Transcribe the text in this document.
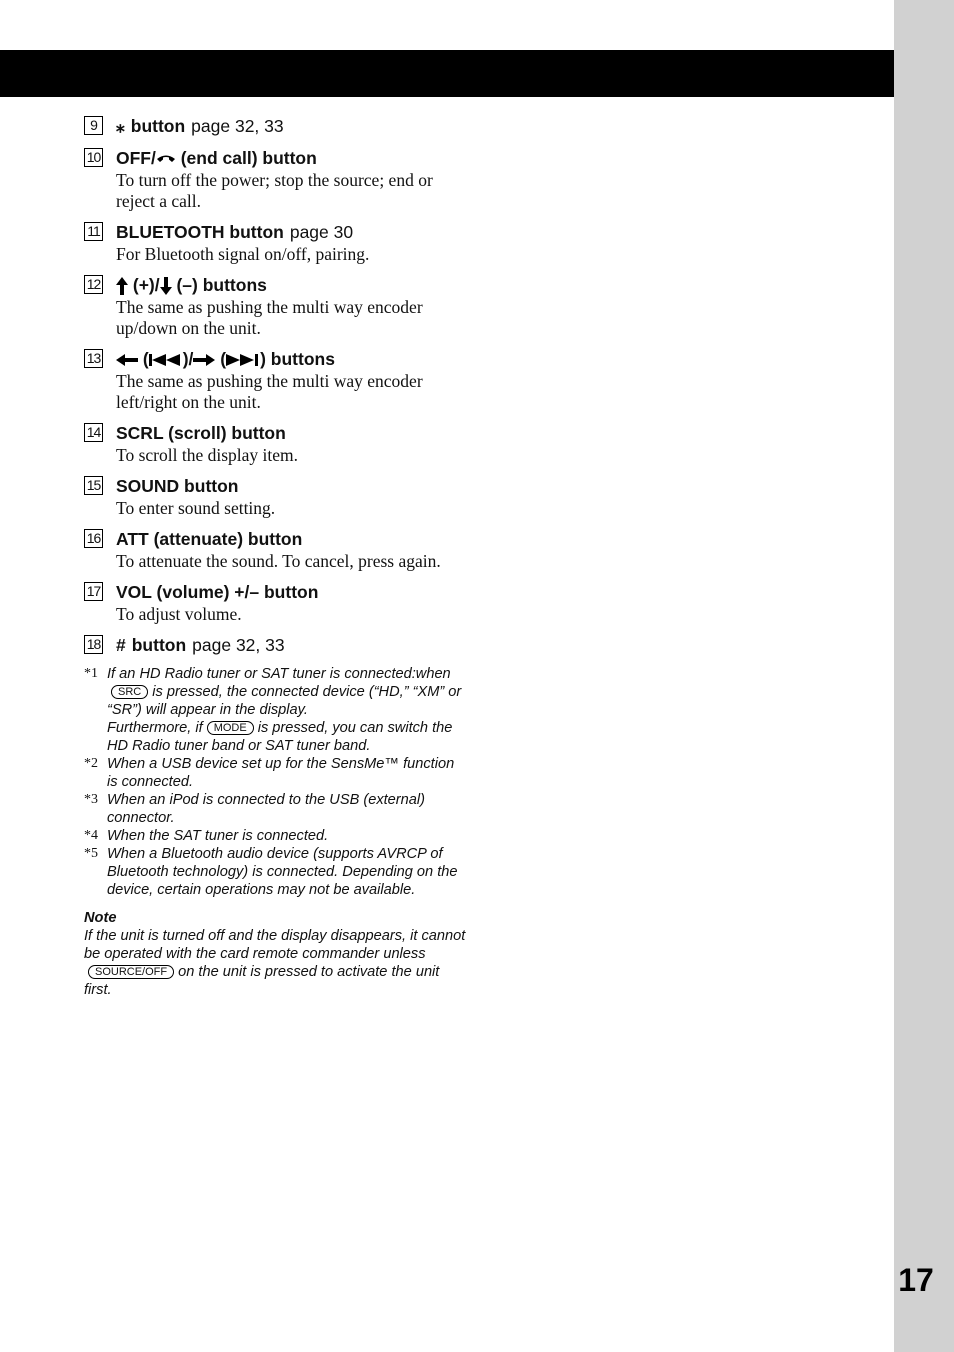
9	⁎ button page 32, 33
10 OFF/ (end call) button
To turn off the power; stop the source; end or reject a call.
11 BLUETOOTH button page 30
For Bluetooth signal on/off, pairing.
12	(+)/ (–) buttons
The same as pushing the multi way encoder up/down on the unit.
13	( )/ ( ) buttons
The same as pushing the multi way encoder left/right on the unit.
14 SCRL (scroll) button
To scroll the display item.
15 SOUND button
To enter sound setting.
16 ATT (attenuate) button
To attenuate the sound. To cancel, press again.
17 VOL (volume) +/– button
To adjust volume.
18 # button page 32, 33
*1 If an HD Radio tuner or SAT tuner is connected:whenSRC is pressed, the connected device (“HD,” “XM” or “SR”) will appear in the display.
Furthermore, if MODE is pressed, you can switch the HD Radio tuner band or SAT tuner band.
*2 When a USB device set up for the SensMe™ function is connected.
*3 When an iPod is connected to the USB (external) connector.
*4 When the SAT tuner is connected.
*5 When a Bluetooth audio device (supports AVRCP of Bluetooth technology) is connected. Depending on the device, certain operations may not be available.
Note
If the unit is turned off and the display disappears, it cannot be operated with the card remote commander unlessSOURCE/OFF on the unit is pressed to activate the unit first.
17
